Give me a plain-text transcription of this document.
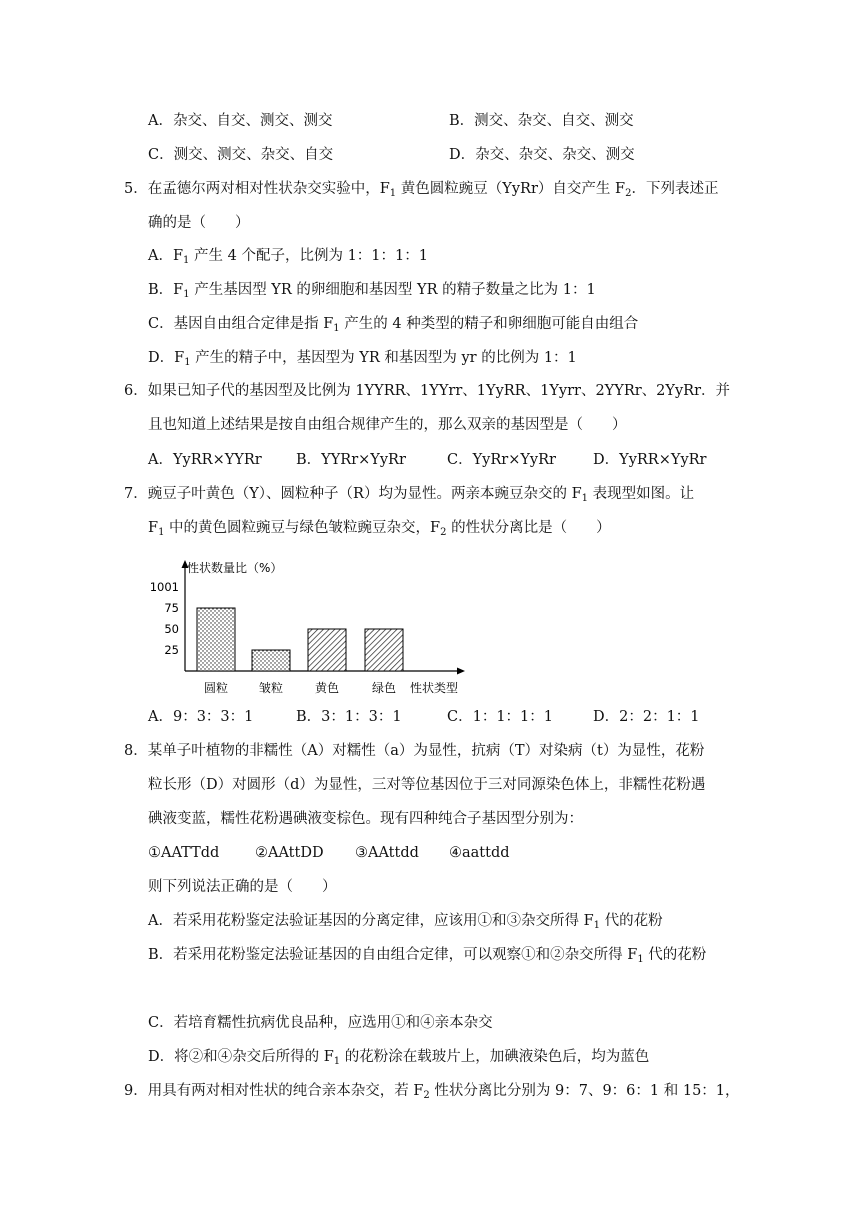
A．杂交、自交、测交、测交	B．测交、杂交、自交、测交
C．测交、测交、杂交、自交	D．杂交、杂交、杂交、测交
5．在孟德尔两对相对性状杂交实验中，$F_1$ 黄色圆粒豌豆（YyRr）自交产生 $F_2$．下列表述正
确的是（　　）
A．$F_1$ 产生 4 个配子，比例为 1：1：1：1
B．$F_1$ 产生基因型 YR 的卵细胞和基因型 YR 的精子数量之比为 1：1
C．基因自由组合定律是指 $F_1$ 产生的 4 种类型的精子和卵细胞可能自由组合
D．$F_1$ 产生的精子中，基因型为 YR 和基因型为 yr 的比例为 1：1
6．如果已知子代的基因型及比例为 1YYRR、1YYrr、1YyRR、1Yyrr、2YYRr、2YyRr．并
且也知道上述结果是按自由组合规律产生的，那么双亲的基因型是（　　）
A．YyRR×YYRr B．YYRr×YyRr	C．YyRr×YyRr	D．YyRR×YyRr
7．豌豆子叶黄色（Y）、圆粒种子（R）均为显性。两亲本豌豆杂交的 $F_1$ 表现型如图。让
$F_1$ 中的黄色圆粒豌豆与绿色皱粒豌豆杂交，$F_2$ 的性状分离比是（　　）
性状数量比（%）
1001
75
50
25
圆粒	皱粒	黄色	绿色 性状类型
A．9：3：3：1	B．3：1：3：1	C．1：1：1：1	D．2：2：1：1
8．某单子叶植物的非糯性（A）对糯性（a）为显性，抗病（T）对染病（t）为显性，花粉
粒长形（D）对圆形（d）为显性，三对等位基因位于三对同源染色体上，非糯性花粉遇
碘液变蓝，糯性花粉遇碘液变棕色。现有四种纯合子基因型分别为：
①AATTdd ②AAttDD ③AAttdd ④aattdd
则下列说法正确的是（　　）
A．若采用花粉鉴定法验证基因的分离定律，应该用①和③杂交所得 $F_1$ 代的花粉
B．若采用花粉鉴定法验证基因的自由组合定律，可以观察①和②杂交所得 $F_1$ 代的花粉
C．若培育糯性抗病优良品种，应选用①和④亲本杂交
D．将②和④杂交后所得的 $F_1$ 的花粉涂在载玻片上，加碘液染色后，均为蓝色
9．用具有两对相对性状的纯合亲本杂交，若 $F_2$ 性状分离比分别为 9：7、9：6：1 和 15：1，
